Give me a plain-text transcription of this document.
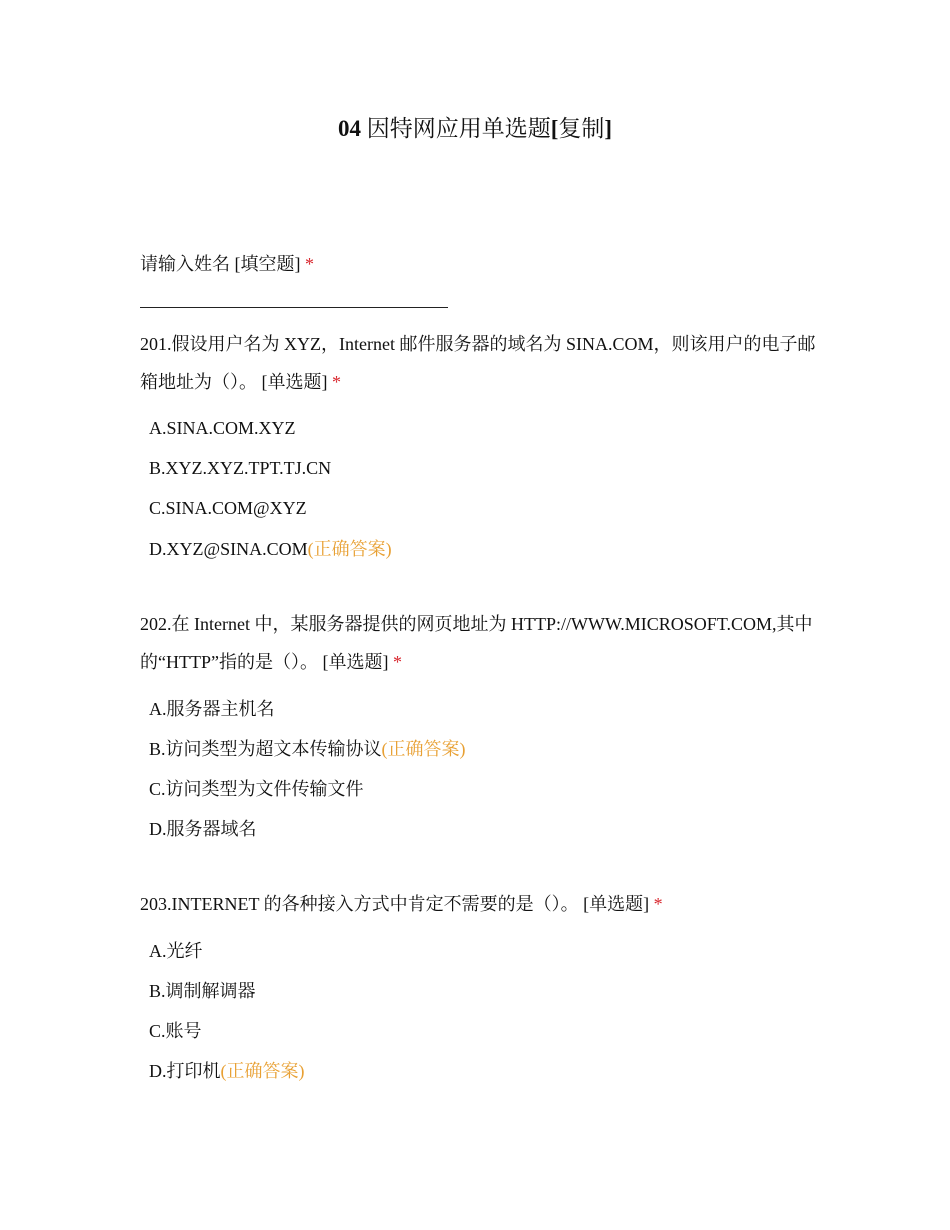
04 因特网应用单选题[复制]
请输入姓名 [填空题] *
201.假设用户名为 XYZ，Internet 邮件服务器的域名为 SINA.COM，则该用户的电子邮箱地址为（）。 [单选题] *
A.SINA.COM.XYZ
B.XYZ.XYZ.TPT.TJ.CN
C.SINA.COM@XYZ
D.XYZ@SINA.COM(正确答案)
202.在 Internet 中，某服务器提供的网页地址为 HTTP://WWW.MICROSOFT.COM,其中的“HTTP”指的是（）。 [单选题] *
A.服务器主机名
B.访问类型为超文本传输协议(正确答案)
C.访问类型为文件传输文件
D.服务器域名
203.INTERNET 的各种接入方式中肯定不需要的是（）。 [单选题] *
A.光纤
B.调制解调器
C.账号
D.打印机(正确答案)
